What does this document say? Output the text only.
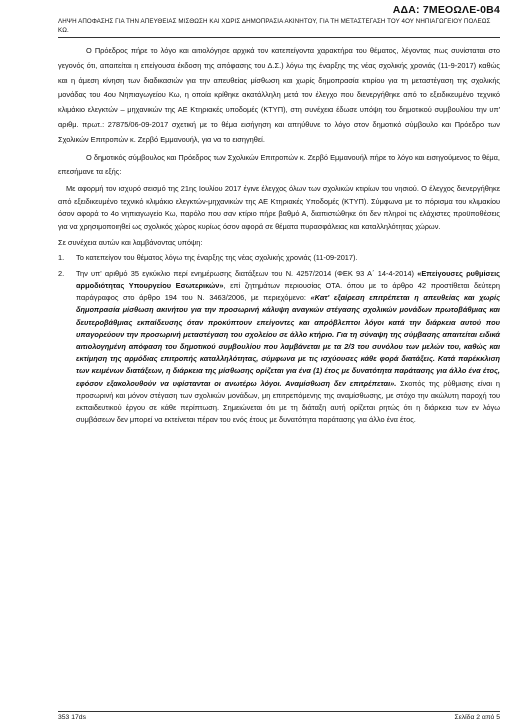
ΑΔΑ: 7ΜΕΟΩΛΕ-0Β4
ΛΗΨΗ ΑΠΟΦΑΣΗΣ ΓΙΑ ΤΗΝ ΑΠΕΥΘΕΙΑΣ ΜΙΣΘΩΣΗ ΚΑΙ ΧΩΡΙΣ ΔΗΜΟΠΡΑΣΙΑ ΑΚΙΝΗΤΟΥ, ΓΙΑ ΤΗ ΜΕΤΑΣΤΕΓΑΣΗ ΤΟΥ 4ΟΥ ΝΗΠΙΑΓΩΓΕΙΟΥ ΠΟΛΕΩΣ ΚΩ.

Ο Πρόεδρος πήρε το λόγο και αιτιολόγησε αρχικά τον κατεπείγοντα χαρακτήρα του θέματος, λέγοντας πως συνίσταται στο γεγονός ότι, απαιτείται η επείγουσα έκδοση της απόφασης του Δ.Σ.) λόγω της έναρξης της νέας σχολικής χρονιάς (11-9-2017) καθώς και η άμεση κίνηση των διαδικασιών για την απευθείας μίσθωση και χωρίς δημοπρασία κτιρίου για τη μεταστέγαση της σχολικής μονάδας του 4ου Νηπιαγωγείου Κω, η οποία κρίθηκε ακατάλληλη μετά τον έλεγχο που διενεργήθηκε από το εξειδικευμένο τεχνικό κλιμάκιο ελεγκτών – μηχανικών της ΑΕ Κτηριακές υποδομές (ΚΤΥΠ), στη συνέχεια έδωσε υπόψη του δημοτικού συμβουλίου την υπ' αριθμ. πρωτ.: 27875/06-09-2017 σχετική με το θέμα εισήγηση και απηύθυνε το λόγο στον δημοτικό σύμβουλο και Πρόεδρο των Σχολικών Επιτροπών κ. Ζερβό Εμμανουήλ, για να το εισηγηθεί.

Ο δημοτικός σύμβουλος και Πρόεδρος των Σχολικών Επιτροπών κ. Ζερβό Εμμανουήλ πήρε το λόγο και εισηγούμενος το θέμα, επεσήμανε τα εξής:

Με αφορμή τον ισχυρό σεισμό της 21ης Ιουλίου 2017 έγινε έλεγχος όλων των σχολικών κτιρίων του νησιού. Ο έλεγχος διενεργήθηκε από εξειδικευμένο τεχνικό κλιμάκιο ελεγκτών-μηχανικών της ΑΕ Κτηριακές Υποδομές (ΚΤΥΠ). Σύμφωνα με το πόρισμα του κλιμακίου όσον αφορά το 4ο νηπιαγωγείο Κω, παρόλο που σαν κτίριο πήρε βαθμό Α, διαπιστώθηκε ότι δεν πληροί τις ελάχιστες προϋποθέσεις για να χρησιμοποιηθεί ως σχολικός χώρος κυρίως όσον αφορά σε θέματα πυρασφάλειας και καταλληλότητας χώρων.

Σε συνέχεια αυτών και λαμβάνοντας υπόψη:

1. Το κατεπείγον του θέματος λόγω της έναρξης της νέας σχολικής χρονιάς (11-09-2017).
2. Την υπ' αριθμό 35 εγκύκλιο περί ενημέρωσης διατάξεων του Ν. 4257/2014 (ΦΕΚ 93 Α΄ 14-4-2014) «Επείγουσες ρυθμίσεις αρμοδιότητας Υπουργείου Εσωτερικών», επί ζητημάτων περιουσίας ΟΤΑ. όπου με το άρθρο 42 προστίθεται δεύτερη παράγραφος στο άρθρο 194 του Ν. 3463/2006, με περιεχόμενο: «Κατ' εξαίρεση επιτρέπεται η απευθείας και χωρίς δημοπρασία μίσθωση ακινήτου για την προσωρινή κάλυψη αναγκών στέγασης σχολικών μονάδων πρωτοβάθμιας και δευτεροβάθμιας εκπαίδευσης όταν προκύπτουν επείγοντες και απρόβλεπτοι λόγοι κατά την διάρκεια αυτού που υπαγορεύουν την προσωρινή μεταστέγαση του σχολείου σε άλλο κτήριο. Για τη σύναψη της σύμβασης απαιτείται ειδικά αιτιολογημένη απόφαση του δημοτικού συμβουλίου που λαμβάνεται με τα 2/3 του συνόλου των μελών του, καθώς και εκτίμηση της αρμόδιας επιτροπής καταλληλότητας, σύμφωνα με τις ισχύουσες κάθε φορά διατάξεις. Κατά παρέκκλιση των κειμένων διατάξεων, η διάρκεια της μίσθωσης ορίζεται για ένα (1) έτος με δυνατότητα παράτασης για άλλο ένα έτος, εφόσον εξακολουθούν να υφίστανται οι ανωτέρω λόγοι. Αναμίσθωση δεν επιτρέπεται». Σκοπός της ρύθμισης είναι η προσωρινή και μόνον στέγαση των σχολικών μονάδων, μη επιτρεπόμενης της αναμίσθωσης, με στόχο την ακώλυτη παροχή του εκπαιδευτικού έργου σε κάθε περίπτωση. Σημειώνεται ότι με τη διάταξη αυτή ορίζεται ρητώς ότι η διάρκεια των εν λόγω συμβάσεων δεν μπορεί να εκτείνεται πέραν του ενός έτους με δυνατότητα παράτασης για άλλο ένα έτος.
353 17ds	Σελίδα 2 από 5
